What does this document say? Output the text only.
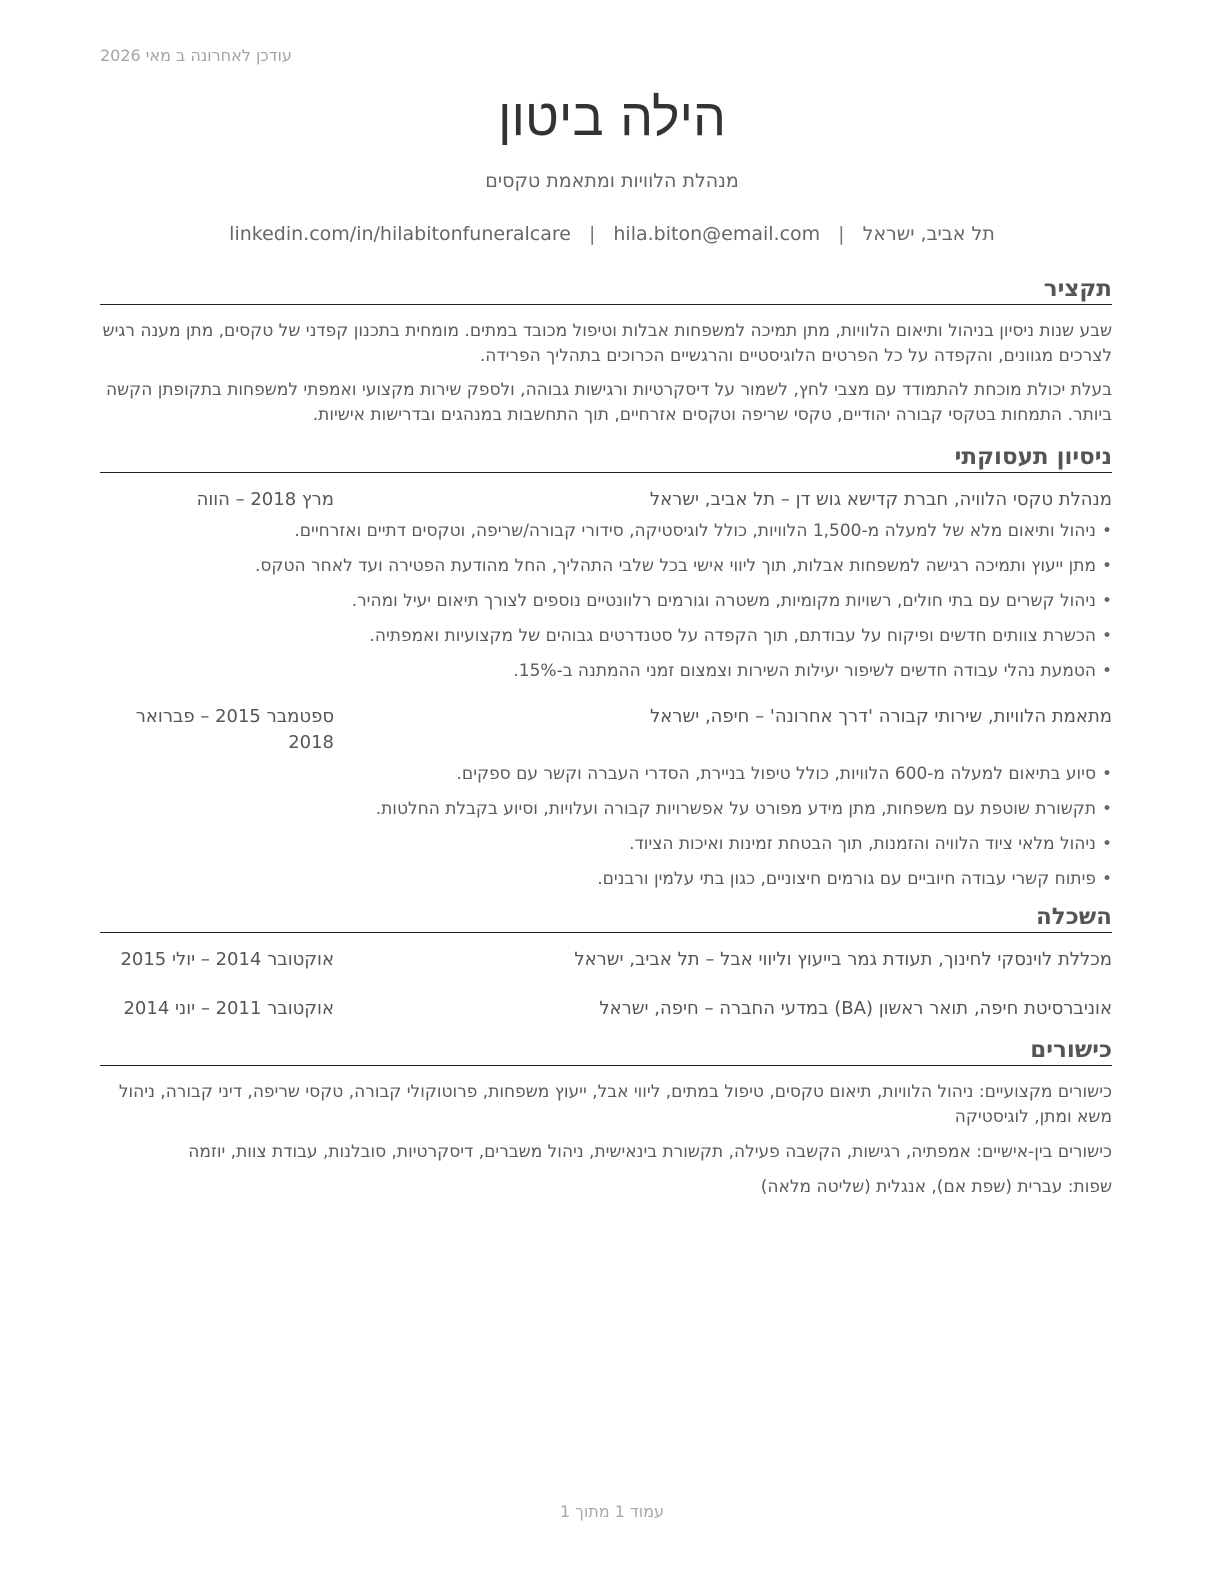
עודכן לאחרונה ב מאי 2026
הילה ביטון
מנהלת הלוויות ומתאמת טקסים
תל אביב, ישראל
|
hila.biton@email.com
|
linkedin.com/in/hilabitonfuneralcare
תקציר

שבע שנות ניסיון בניהול ותיאום הלוויות, מתן תמיכה למשפחות אבלות וטיפול מכובד במתים. מומחית בתכנון קפדני של טקסים, מתן מענה רגיש לצרכים מגוונים, והקפדה על כל הפרטים הלוגיסטיים והרגשיים הכרוכים בתהליך הפרידה.

בעלת יכולת מוכחת להתמודד עם מצבי לחץ, לשמור על דיסקרטיות ורגישות גבוהה, ולספק שירות מקצועי ואמפתי למשפחות בתקופתן הקשה ביותר. התמחות בטקסי קבורה יהודיים, טקסי שריפה וטקסים אזרחיים, תוך התחשבות במנהגים ובדרישות אישיות.

ניסיון תעסוקתי
מנהלת טקסי הלוויה, חברת קדישא גוש דן – תל אביב, ישראל
מרץ 2018 – הווה
• ניהול ותיאום מלא של למעלה מ-1,500 הלוויות, כולל לוגיסטיקה, סידורי קבורה/שריפה, וטקסים דתיים ואזרחיים.
• מתן ייעוץ ותמיכה רגישה למשפחות אבלות, תוך ליווי אישי בכל שלבי התהליך, החל מהודעת הפטירה ועד לאחר הטקס.
• ניהול קשרים עם בתי חולים, רשויות מקומיות, משטרה וגורמים רלוונטיים נוספים לצורך תיאום יעיל ומהיר.
• הכשרת צוותים חדשים ופיקוח על עבודתם, תוך הקפדה על סטנדרטים גבוהים של מקצועיות ואמפתיה.
• הטמעת נהלי עבודה חדשים לשיפור יעילות השירות וצמצום זמני ההמתנה ב-15%.
מתאמת הלוויות, שירותי קבורה 'דרך אחרונה' – חיפה, ישראל
ספטמבר 2015 – פברואר 2018
• סיוע בתיאום למעלה מ-600 הלוויות, כולל טיפול בניירת, הסדרי העברה וקשר עם ספקים.
• תקשורת שוטפת עם משפחות, מתן מידע מפורט על אפשרויות קבורה ועלויות, וסיוע בקבלת החלטות.
• ניהול מלאי ציוד הלוויה והזמנות, תוך הבטחת זמינות ואיכות הציוד.
• פיתוח קשרי עבודה חיוביים עם גורמים חיצוניים, כגון בתי עלמין ורבנים.
השכלה
מכללת לוינסקי לחינוך, תעודת גמר בייעוץ וליווי אבל – תל אביב, ישראל
אוקטובר 2014 – יולי 2015
אוניברסיטת חיפה, תואר ראשון (BA) במדעי החברה – חיפה, ישראל
אוקטובר 2011 – יוני 2014
כישורים

כישורים מקצועיים: ניהול הלוויות, תיאום טקסים, טיפול במתים, ליווי אבל, ייעוץ משפחות, פרוטוקולי קבורה, טקסי שריפה, דיני קבורה, ניהול משא ומתן, לוגיסטיקה

כישורים בין-אישיים: אמפתיה, רגישות, הקשבה פעילה, תקשורת בינאישית, ניהול משברים, דיסקרטיות, סובלנות, עבודת צוות, יוזמה

שפות: עברית (שפת אם), אנגלית (שליטה מלאה)

עמוד 1 מתוך 1
